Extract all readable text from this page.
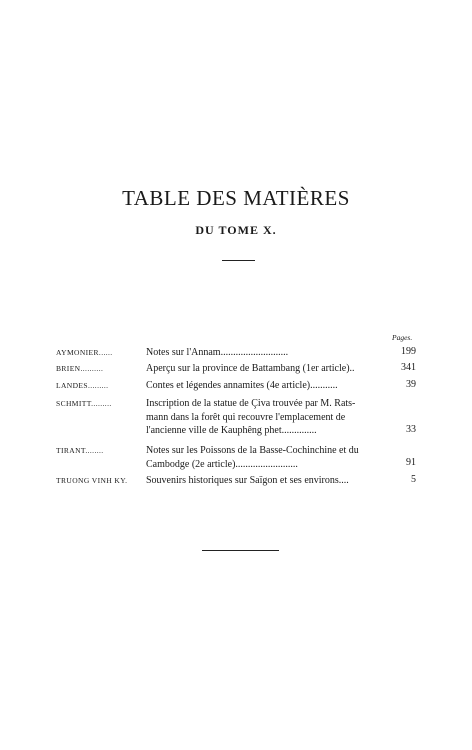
TABLE DES MATIÈRES
DU TOME X.
Pages.
AYMONIER......	Notes sur l'Annam...........................	199
BRIEN..........	Aperçu sur la province de Battambang (1er article)..	341
LANDES.........	Contes et légendes annamites (4e article)...........	39
SCHMITT.........	Inscription de la statue de Çiva trouvée par M. Rats-
mann dans la forêt qui recouvre l'emplacement de
l'ancienne ville de Kauphêng phet..............	33
TIRANT........	Notes sur les Poissons de la Basse-Cochinchine et du
Cambodge (2e article).........................	91
TRUONG VINH KY. Souvenirs historiques sur Saïgon et ses environs....	5
